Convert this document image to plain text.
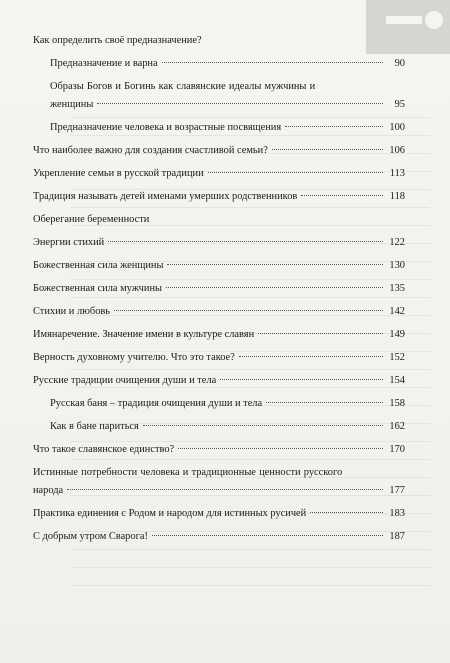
Как определить своё предназначение?
Предназначение и варна	90
Образы Богов и Богинь как славянские идеалы мужчины и
женщины	95
Предназначение человека и возрастные посвящения	100
Что наиболее важно для создания счастливой семьи?	106
Укрепление семьи в русской традиции	113
Традиция называть детей именами умерших родственников	118
Оберегание беременности
Энергии стихий	122
Божественная сила женщины	130
Божественная сила мужчины	135
Стихии и любовь	142
Имянаречение. Значение имени в культуре славян	149
Верность духовному учителю. Что это такое?	152
Русские традиции очищения души и тела	154
Русская баня – традиция очищения души и тела	158
Как в бане париться	162
Что такое славянское единство?	170
Истинные потребности человека и традиционные ценности русского
народа	177
Практика единения с Родом и народом для истинных русичей	183
С добрым утром Сварога!	187
